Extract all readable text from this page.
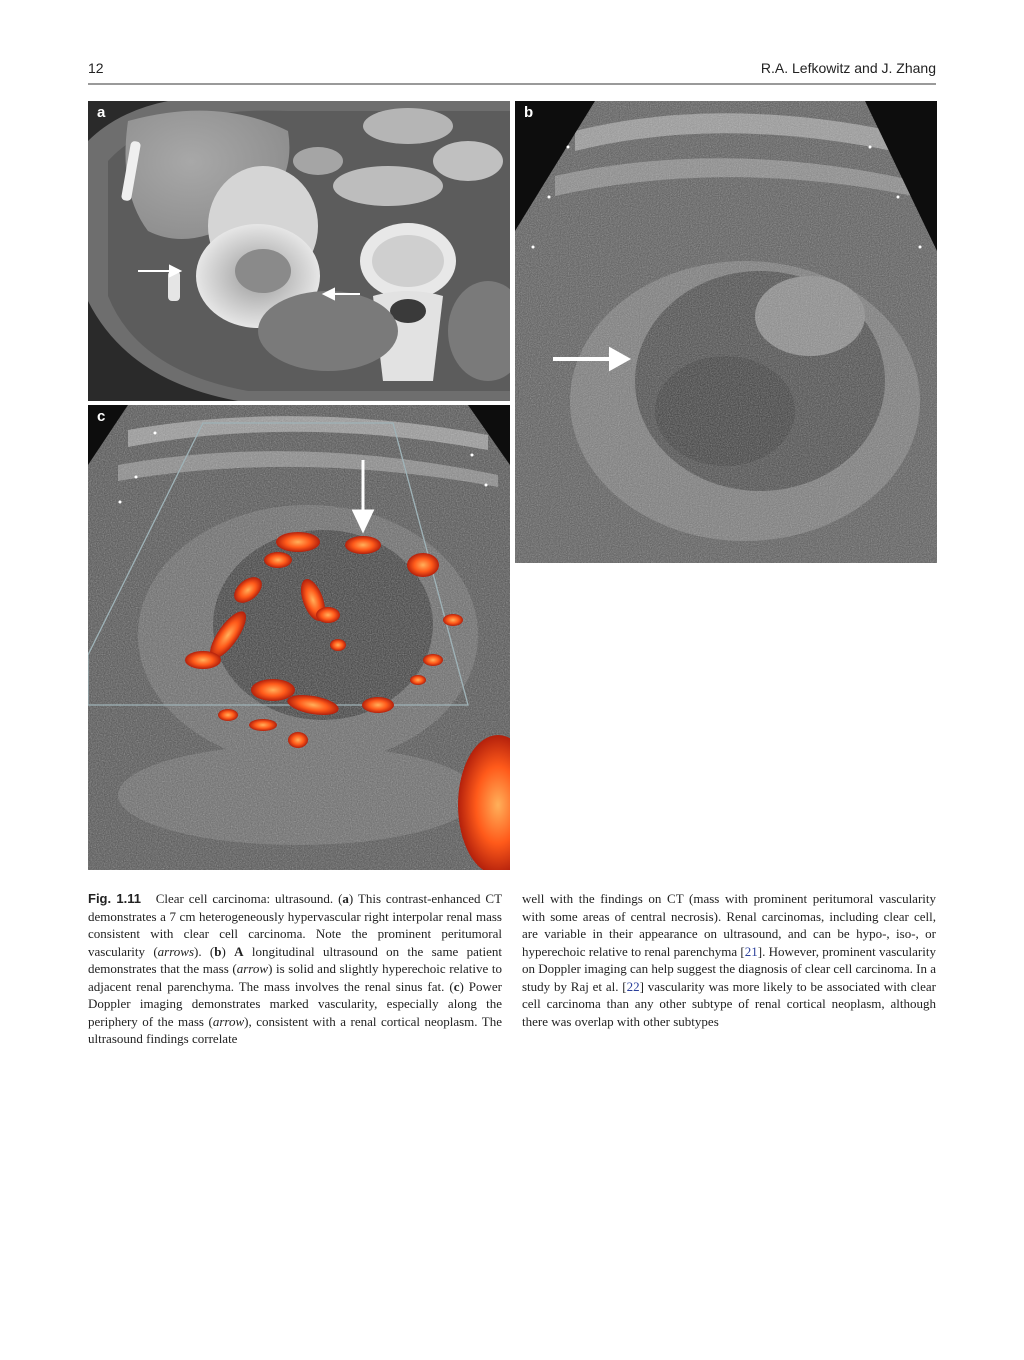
12	R.A. Lefkowitz and J. Zhang
a	b
c
Fig. 1.11 Clear cell carcinoma: ultrasound. (a) This contrast-enhanced CT demonstrates a 7 cm heterogeneously hypervascular right interpolar renal mass consistent with clear cell carcinoma. Note the prominent peritumoral vascularity (arrows). (b) A longitudinal ultrasound on the same patient demonstrates that the mass (arrow) is solid and slightly hyperechoic relative to adjacent renal parenchyma. The mass involves the renal sinus fat. (c) Power Doppler imaging demonstrates marked vascularity, especially along the periphery of the mass (arrow), consistent with a renal cortical neoplasm. The ultrasound findings correlate
well with the findings on CT (mass with prominent peritumoral vascularity with some areas of central necrosis). Renal carcinomas, including clear cell, are variable in their appearance on ultrasound, and can be hypo-, iso-, or hyperechoic relative to renal parenchyma [21]. However, prominent vascularity on Doppler imaging can help suggest the diagnosis of clear cell carcinoma. In a study by Raj et al. [22] vascularity was more likely to be associated with clear cell carcinoma than any other subtype of renal cortical neoplasm, although there was overlap with other subtypes
